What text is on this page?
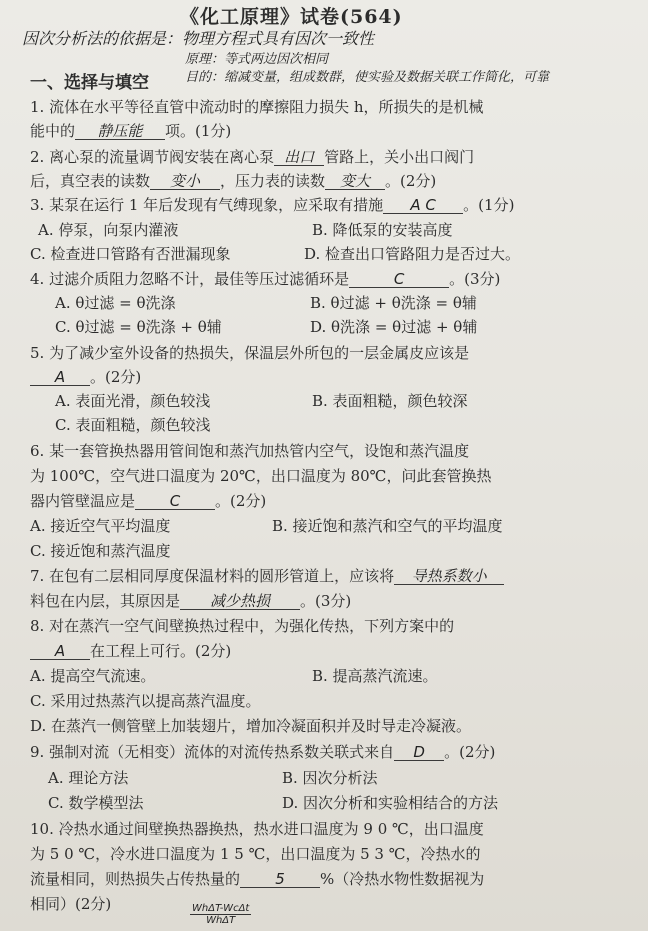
《化工原理》试卷(564)
因次分析法的依据是：物理方程式具有因次一致性
原理：等式两边因次相同
目的：缩减变量，组成数群，使实验及数据关联工作简化，可靠
一、选择与填空
1. 流体在水平等径直管中流动时的摩擦阻力损失 h，所损失的是机械
能中的 静压能 项。(1分)
2. 离心泵的流量调节阀安装在离心泵 出口 管路上，关小出口阀门
后，真空表的读数 变小 ，压力表的读数 变大 。(2分)
3. 某泵在运行 1 年后发现有气缚现象，应采取有措施 A C 。(1分)
A. 停泵，向泵内灌液	B. 降低泵的安装高度
C. 检查进口管路有否泄漏现象	D. 检查出口管路阻力是否过大。
4. 过滤介质阻力忽略不计，最佳等压过滤循环是	C	。(3分)
A. θ过滤 = θ洗涤	B. θ过滤 + θ洗涤 = θ辅
C. θ过滤 = θ洗涤 + θ辅	D. θ洗涤 = θ过滤 + θ辅
5. 为了减少室外设备的热损失，保温层外所包的一层金属皮应该是
A 。(2分)
A. 表面光滑，颜色较浅	B. 表面粗糙，颜色较深
C. 表面粗糙，颜色较浅
6. 某一套管换热器用管间饱和蒸汽加热管内空气，设饱和蒸汽温度
为 100℃，空气进口温度为 20℃，出口温度为 80℃，问此套管换热
器内管壁温应是 C 。(2分)
A. 接近空气平均温度	B. 接近饱和蒸汽和空气的平均温度
C. 接近饱和蒸汽温度
7. 在包有二层相同厚度保温材料的圆形管道上，应该将 导热系数小
料包在内层，其原因是 减少热损 。(3分)
8. 对在蒸汽一空气间壁换热过程中，为强化传热，下列方案中的
A 在工程上可行。(2分)
A. 提高空气流速。	B. 提高蒸汽流速。
C. 采用过热蒸汽以提高蒸汽温度。
D. 在蒸汽一侧管壁上加装翅片，增加冷凝面积并及时导走冷凝液。
9. 强制对流（无相变）流体的对流传热系数关联式来自 D 。(2分)
A. 理论方法	B. 因次分析法
C. 数学模型法	D. 因次分析和实验相结合的方法
10. 冷热水通过间壁换热器换热，热水进口温度为 9 0 ℃，出口温度
为 5 0 ℃，冷水进口温度为 1 5 ℃，出口温度为 5 3 ℃，冷热水的
流量相同，则热损失占传热量的 5 %（冷热水物性数据视为
相同）(2分)	WhΔT-WcΔt
WhΔT
